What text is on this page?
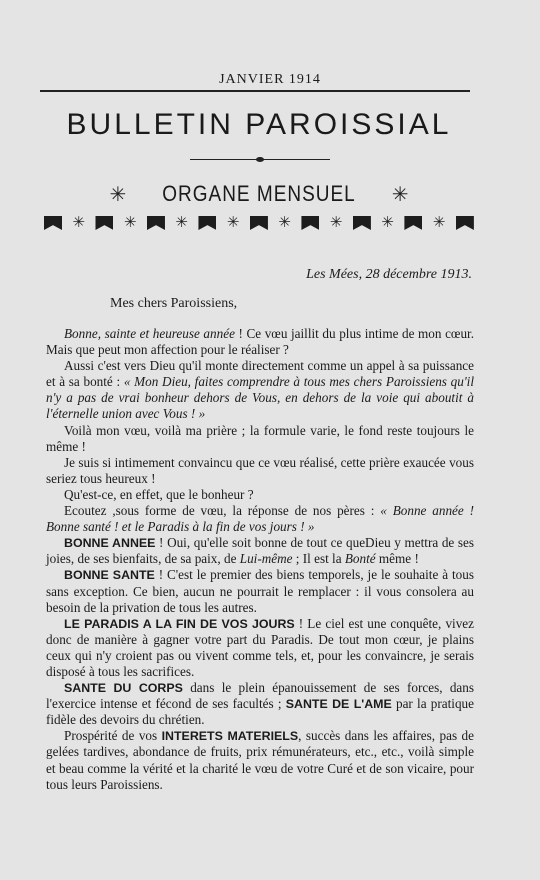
JANVIER 1914
BULLETIN PAROISSIAL
✳ ORGANE MENSUEL ✳
✳	✳	✳	✳	✳	✳	✳	✳
Les Mées, 28 décembre 1913.
Mes chers Paroissiens,

Bonne, sainte et heureuse année ! Ce vœu jaillit du plus intime de mon cœur. Mais que peut mon affection pour le réaliser ?

Aussi c'est vers Dieu qu'il monte directement comme un appel à sa puissance et à sa bonté : « Mon Dieu, faites comprendre à tous mes chers Paroissiens qu'il n'y a pas de vrai bonheur dehors de Vous, en dehors de la voie qui aboutit à l'éternelle union avec Vous ! »

Voilà mon vœu, voilà ma prière ; la formule varie, le fond reste toujours le même !

Je suis si intimement convaincu que ce vœu réalisé, cette prière exaucée vous seriez tous heureux !

Qu'est-ce, en effet, que le bonheur ?

Ecoutez ,sous forme de vœu, la réponse de nos pères : « Bonne année ! Bonne santé ! et le Paradis à la fin de vos jours ! »

BONNE ANNEE ! Oui, qu'elle soit bonne de tout ce queDieu y mettra de ses joies, de ses bienfaits, de sa paix, de Lui-même ; Il est la Bonté même !

BONNE SANTE ! C'est le premier des biens temporels, je le souhaite à tous sans exception. Ce bien, aucun ne pourrait le remplacer : il vous consolera au besoin de la privation de tous les autres.

LE PARADIS A LA FIN DE VOS JOURS ! Le ciel est une conquête, vivez donc de manière à gagner votre part du Paradis. De tout mon cœur, je plains ceux qui n'y croient pas ou vivent comme tels, et, pour les convaincre, je serais disposé à tous les sacrifices.

SANTE DU CORPS dans le plein épanouissement de ses forces, dans l'exercice intense et fécond de ses facultés ; SANTE DE L'AME par la pratique fidèle des devoirs du chrétien.

Prospérité de vos INTERETS MATERIELS, succès dans les affaires, pas de gelées tardives, abondance de fruits, prix rémunérateurs, etc., etc., voilà simple et beau comme la vérité et la charité le vœu de votre Curé et de son vicaire, pour tous leurs Paroissiens.
